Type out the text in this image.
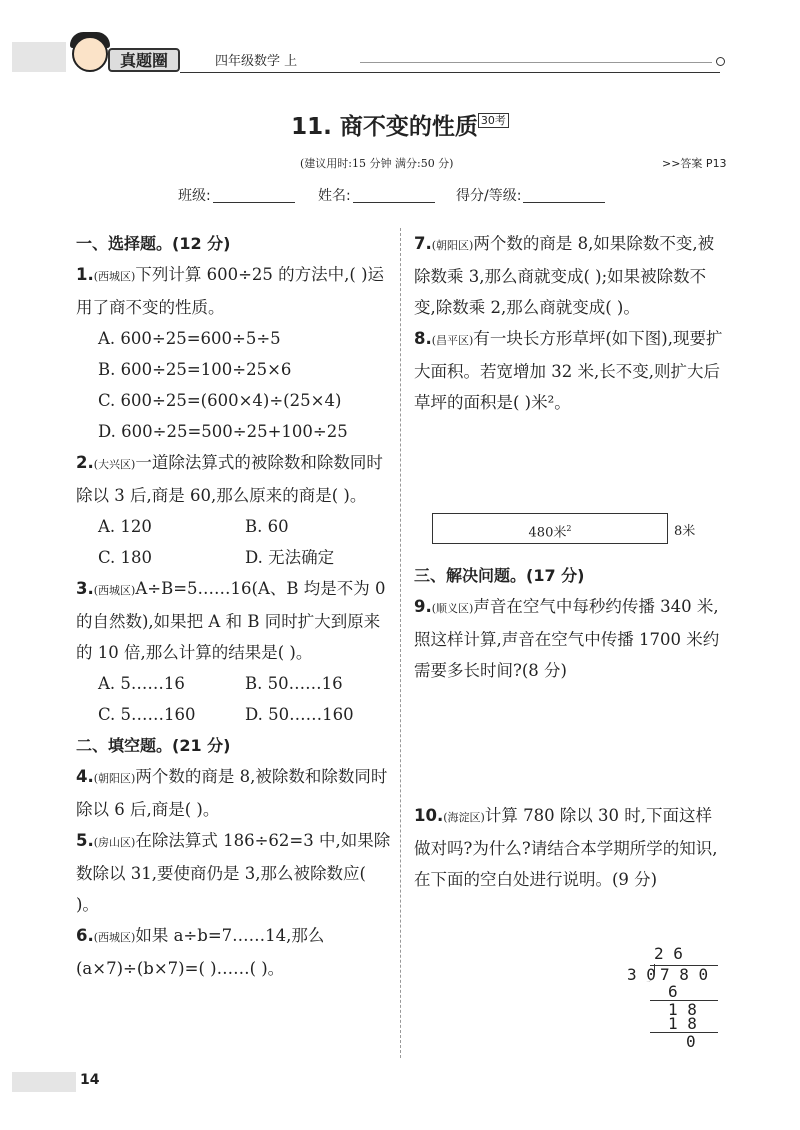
真题圈	四年级数学 上
11. 商不变的性质 $^{30考}$
(建议用时:15 分钟 满分:50 分)	>>答案 P13
班级:	姓名:	得分/等级:
一、选择题。(12 分)
1.(西城区)下列计算 600÷25 的方法中,( )运用了商不变的性质。
A. 600÷25=600÷5÷5
B. 600÷25=100÷25×6
C. 600÷25=(600×4)÷(25×4)
D. 600÷25=500÷25+100÷25
2.(大兴区)一道除法算式的被除数和除数同时除以 3 后,商是 60,那么原来的商是( )。
A. 120	B. 60
C. 180	D. 无法确定
3.(西城区)A÷B=5……16(A、B 均是不为 0 的自然数),如果把 A 和 B 同时扩大到原来的 10 倍,那么计算的结果是( )。
A. 5……16	B. 50……16
C. 5……160	D. 50……160
二、填空题。(21 分)
4.(朝阳区)两个数的商是 8,被除数和除数同时除以 6 后,商是( )。
5.(房山区)在除法算式 186÷62=3 中,如果除数除以 31,要使商仍是 3,那么被除数应( )。
6.(西城区)如果 a÷b=7……14,那么 (a×7)÷(b×7)=( )……( )。
7.(朝阳区)两个数的商是 8,如果除数不变,被除数乘 3,那么商就变成( );如果被除数不变,除数乘 2,那么商就变成( )。
8.(昌平区)有一块长方形草坪(如下图),现要扩大面积。若宽增加 32 米,长不变,则扩大后草坪的面积是( )米²。
480米$^2$	8米
三、解决问题。(17 分)
9.(顺义区)声音在空气中每秒约传播 340 米,照这样计算,声音在空气中传播 1700 米约需要多长时间?(8 分)
10.(海淀区)计算 780 除以 30 时,下面这样做对吗?为什么?请结合本学期所学的知识,在下面的空白处进行说明。(9 分)
2 6
3 0 7 8 0
6
1 8
1 8
0
14
